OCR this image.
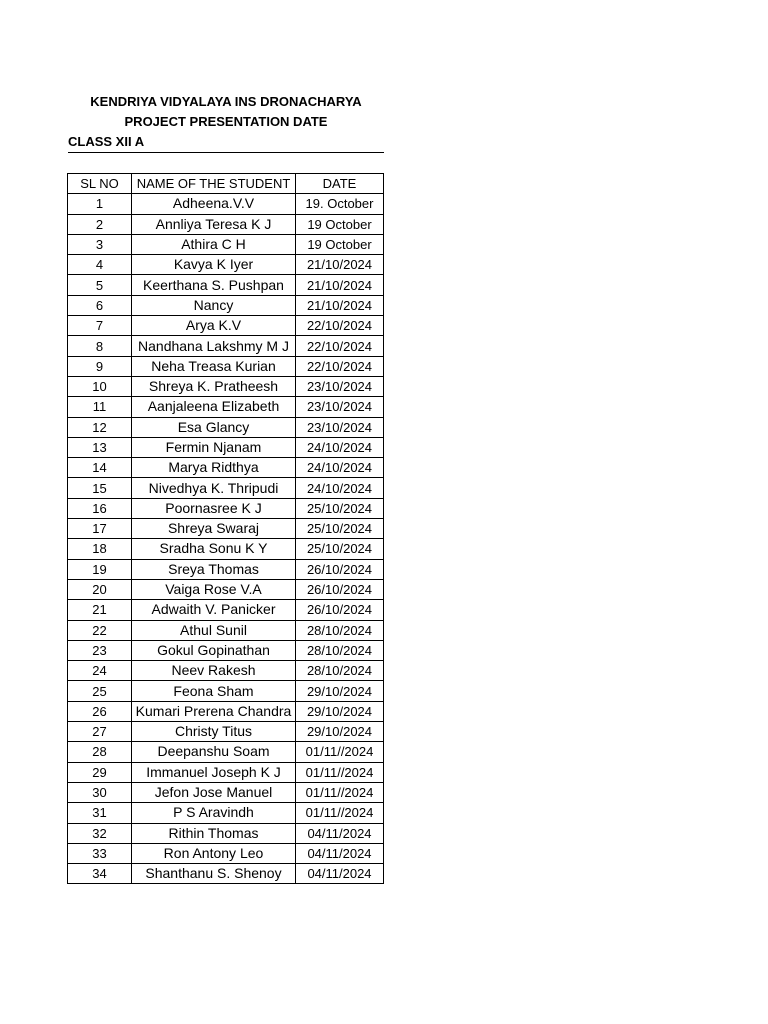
KENDRIYA VIDYALAYA INS DRONACHARYA
PROJECT PRESENTATION DATE
CLASS XII A
SL NO	NAME OF THE STUDENT	DATE
1	Adheena.V.V	19. October
2	Annliya Teresa K J	19 October
3	Athira C H	19 October
4	Kavya K Iyer	21/10/2024
5	Keerthana S. Pushpan	21/10/2024
6	Nancy	21/10/2024
7	Arya K.V	22/10/2024
8	Nandhana Lakshmy M J	22/10/2024
9	Neha Treasa Kurian	22/10/2024
10	Shreya K. Pratheesh	23/10/2024
11	Aanjaleena Elizabeth	23/10/2024
12	Esa Glancy	23/10/2024
13	Fermin Njanam	24/10/2024
14	Marya Ridthya	24/10/2024
15	Nivedhya K. Thripudi	24/10/2024
16	Poornasree K J	25/10/2024
17	Shreya Swaraj	25/10/2024
18	Sradha Sonu K Y	25/10/2024
19	Sreya Thomas	26/10/2024
20	Vaiga Rose V.A	26/10/2024
21	Adwaith V. Panicker	26/10/2024
22	Athul Sunil	28/10/2024
23	Gokul Gopinathan	28/10/2024
24	Neev Rakesh	28/10/2024
25	Feona Sham	29/10/2024
26	Kumari Prerena Chandra	29/10/2024
27	Christy Titus	29/10/2024
28	Deepanshu Soam	01/11//2024
29	Immanuel Joseph K J	01/11//2024
30	Jefon Jose Manuel	01/11//2024
31	P S Aravindh	01/11//2024
32	Rithin Thomas	04/11/2024
33	Ron Antony Leo	04/11/2024
34	Shanthanu S. Shenoy	04/11/2024
